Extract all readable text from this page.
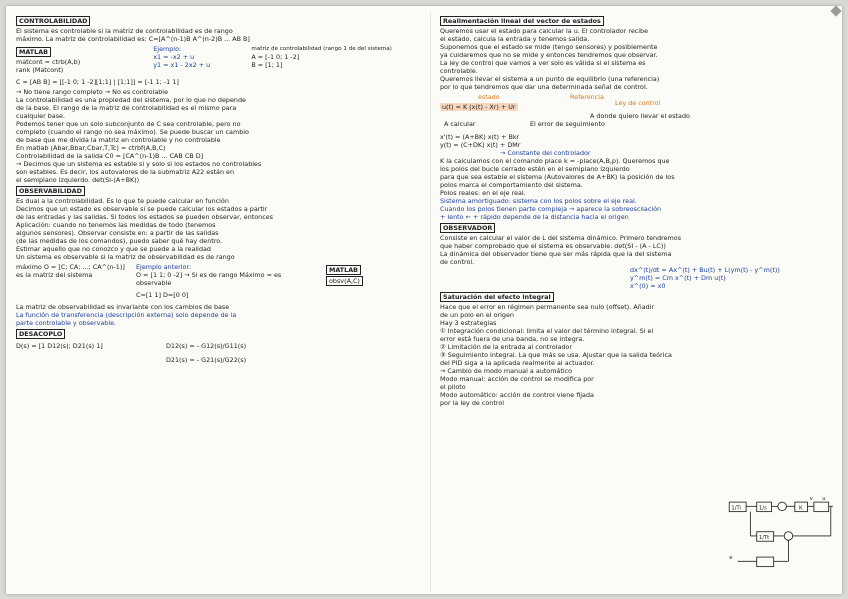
CONTROLABILIDAD
El sistema es controlable si la matriz de controlabilidad es de rango
máximo. La matriz de controlabilidad es: C=[A^(n-1)B A^(n-2)B ... AB B]
MATLAB
matcont = ctrb(A,b)
rank (Matcont)
Ejemplo:
x1 = -x2 + u
y1 = x1 - 2x2 + u
matriz de controlabilidad (rango 1 de del sistema)
A = [-1 0; 1 -2]
B = [1; 1]
C = [AB B] = [[-1 0; 1 -2][1;1] | [1;1]] = [-1 1; -1 1]
→ No tiene rango completo → No es controlable
La controlabilidad es una propiedad del sistema, por lo que no depende
de la base. El rango de la matriz de controlabilidad es el mismo para
cualquier base.
Podemos tener que un solo subconjunto de C sea controlable, pero no
completo (cuando el rango no sea máximo). Se puede buscar un cambio
de base que me divida la matriz en controlable y no controlable
En matlab (Abar,Bbar,Cbar,T,Tc) = ctrbf(A,B,C)
Controlabilidad de la salida C0 = [CA^(n-1)B ... CAB CB D]
→ Decimos que un sistema es estable si y solo si los estados no controlables
son estables. Es decir, los autovalores de la submatriz A22 están en
el semiplano izquierdo. det(SI-(A+BK))
OBSERVABILIDAD
Es dual a la controlabilidad. Es lo que te puede calcular en función
Decimos que un estado es observable si se puede calcular los estados a partir
de las entradas y las salidas. Si todos los estados se pueden observar, entonces
Aplicación: cuando no tenemos las medidas de todo (tenemos
algunos sensores). Observar consiste en: a partir de las salidas
(de las medidas de los comandos), puedo saber qué hay dentro.
Estimar aquello que no conozco y que se puede a la realidad
Un sistema es observable si la matriz de observabilidad es de rango
máximo O = [C; CA; ...; CA^(n-1)] es la matriz del sistema
Ejemplo anterior:
O = [1 1; 0 -2] → Si es de rango Máximo = es observable
C=[1 1] D=[0 0]
MATLAB
obsv(A,C)
La matriz de observabilidad es invariante con los cambios de base
La función de transferencia (descripción externa) solo depende de la
parte controlable y observable.
DESACOPLO
D(s) = [1 D12(s); D21(s) 1]	D12(s) = - G12(s)/G11(s)
D21(s) = - G21(s)/G22(s)
Realimentación lineal del vector de estados
Queremos usar el estado para calcular la u. El controlador recibe
el estado, calcula la entrada y tenemos salida.
Suponemos que el estado se mide (tengo sensores) y posiblemente
ya cuidaremos que no se mide y entonces tendremos que observar.
La ley de control que vamos a ver solo es válida si el sistema es
controlable.
Queremos llevar el sistema a un punto de equilibrio (una referencia)
por lo que tendremos que dar una determinada señal de control.
estado	Referencia
Ley de control
u(t) = K (x(t) - Xr) + Ur
A donde quiero llevar el estado
A calcular	El error de seguimiento
x'(t) = (A+BK) x(t) + Bkr
y(t) = (C+DK) x(t) + DMr
→ Constante del controlador
K la calculamos con el comando place k = -place(A,B,p). Queremos que
los polos del bucle cerrado estén en el semiplano izquierdo
para que sea estable el sistema (Autovalores de A+BK) la posición de los
polos marca el comportamiento del sistema.
Polos reales: en el eje real.
Sistema amortiguado: sistema con los polos sobre el eje real.
Cuando los polos tienen parte compleja → aparece la sobreoscilación
+ lento ← + rápido depende de la distancia hacia el origen
OBSERVADOR
Consiste en calcular el valor de L del sistema dinámico. Primero tendremos
que haber comprobado que el sistema es observable. det(SI - (A - LC))
La dinámica del observador tiene que ser más rápida que la del sistema
de control.
dx^(t)/dt = Ax^(t) + Bu(t) + L(ym(t) - y^m(t))
y^m(t) = Cm x^(t) + Dm u(t)
x^(0) = x0
Saturación del efecto integral
Hace que el error en régimen permanente sea nulo (offset). Añadir
de un polo en el origen
Hay 3 estrategias
① Integración condicional: limita el valor del término integral. Si el
error está fuera de una banda, no se integra.
② Limitación de la entrada al controlador
③ Seguimiento integral. La que más se usa. Ajustar que la salida teórica
del PID siga a la aplicada realmente al actuador.
→ Cambio de modo manual a automático
Modo manual: acción de control se modifica por
el piloto
Modo automático: acción de control viene fijada
por la ley de control
1/Ti	1/s	K
1/Tt
u
v
e
